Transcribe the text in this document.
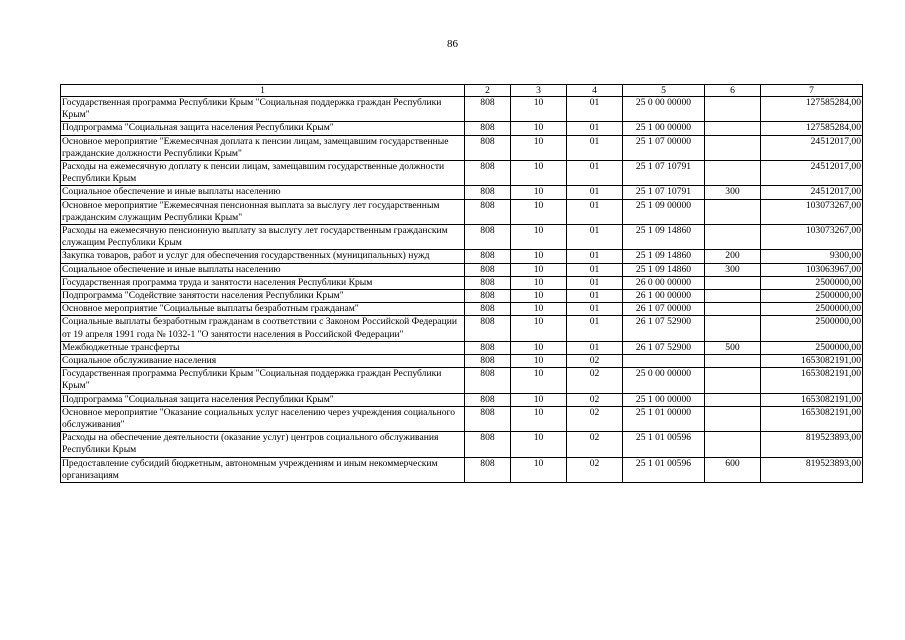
86
1	2	3	4	5	6	7
Государственная программа Республики Крым "Социальная поддержка граждан Республики Крым"	808	10	01	25 0 00 00000		127585284,00
Подпрограмма "Социальная защита населения Республики Крым"	808	10	01	25 1 00 00000		127585284,00
Основное мероприятие "Ежемесячная доплата к пенсии лицам, замещавшим государственные гражданские должности Республики Крым"	808	10	01	25 1 07 00000		24512017,00
Расходы на ежемесячную доплату к пенсии лицам, замещавшим государственные должности Республики Крым	808	10	01	25 1 07 10791		24512017,00
Социальное обеспечение и иные выплаты населению	808	10	01	25 1 07 10791	300	24512017,00
Основное мероприятие "Ежемесячная пенсионная выплата за выслугу лет государственным гражданским служащим Республики Крым"	808	10	01	25 1 09 00000		103073267,00
Расходы на ежемесячную пенсионную выплату за выслугу лет государственным гражданским служащим Республики Крым	808	10	01	25 1 09 14860		103073267,00
Закупка товаров, работ и услуг для обеспечения государственных (муниципальных) нужд	808	10	01	25 1 09 14860	200	9300,00
Социальное обеспечение и иные выплаты населению	808	10	01	25 1 09 14860	300	103063967,00
Государственная программа труда и занятости населения Республики Крым	808	10	01	26 0 00 00000		2500000,00
Подпрограмма "Содействие занятости населения Республики Крым"	808	10	01	26 1 00 00000		2500000,00
Основное мероприятие "Социальные выплаты безработным гражданам"	808	10	01	26 1 07 00000		2500000,00
Социальные выплаты безработным гражданам в соответствии с Законом Российской Федерации от 19 апреля 1991 года № 1032-1 "О занятости населения в Российской Федерации"	808	10	01	26 1 07 52900		2500000,00
Межбюджетные трансферты	808	10	01	26 1 07 52900	500	2500000,00
Социальное обслуживание населения	808	10	02			1653082191,00
Государственная программа Республики Крым "Социальная поддержка граждан Республики Крым"	808	10	02	25 0 00 00000		1653082191,00
Подпрограмма "Социальная защита населения Республики Крым"	808	10	02	25 1 00 00000		1653082191,00
Основное мероприятие "Оказание социальных услуг населению через учреждения социального обслуживания"	808	10	02	25 1 01 00000		1653082191,00
Расходы на обеспечение деятельности (оказание услуг) центров социального обслуживания Республики Крым	808	10	02	25 1 01 00596		819523893,00
Предоставление субсидий бюджетным, автономным учреждениям и иным некоммерческим организациям	808	10	02	25 1 01 00596	600	819523893,00
